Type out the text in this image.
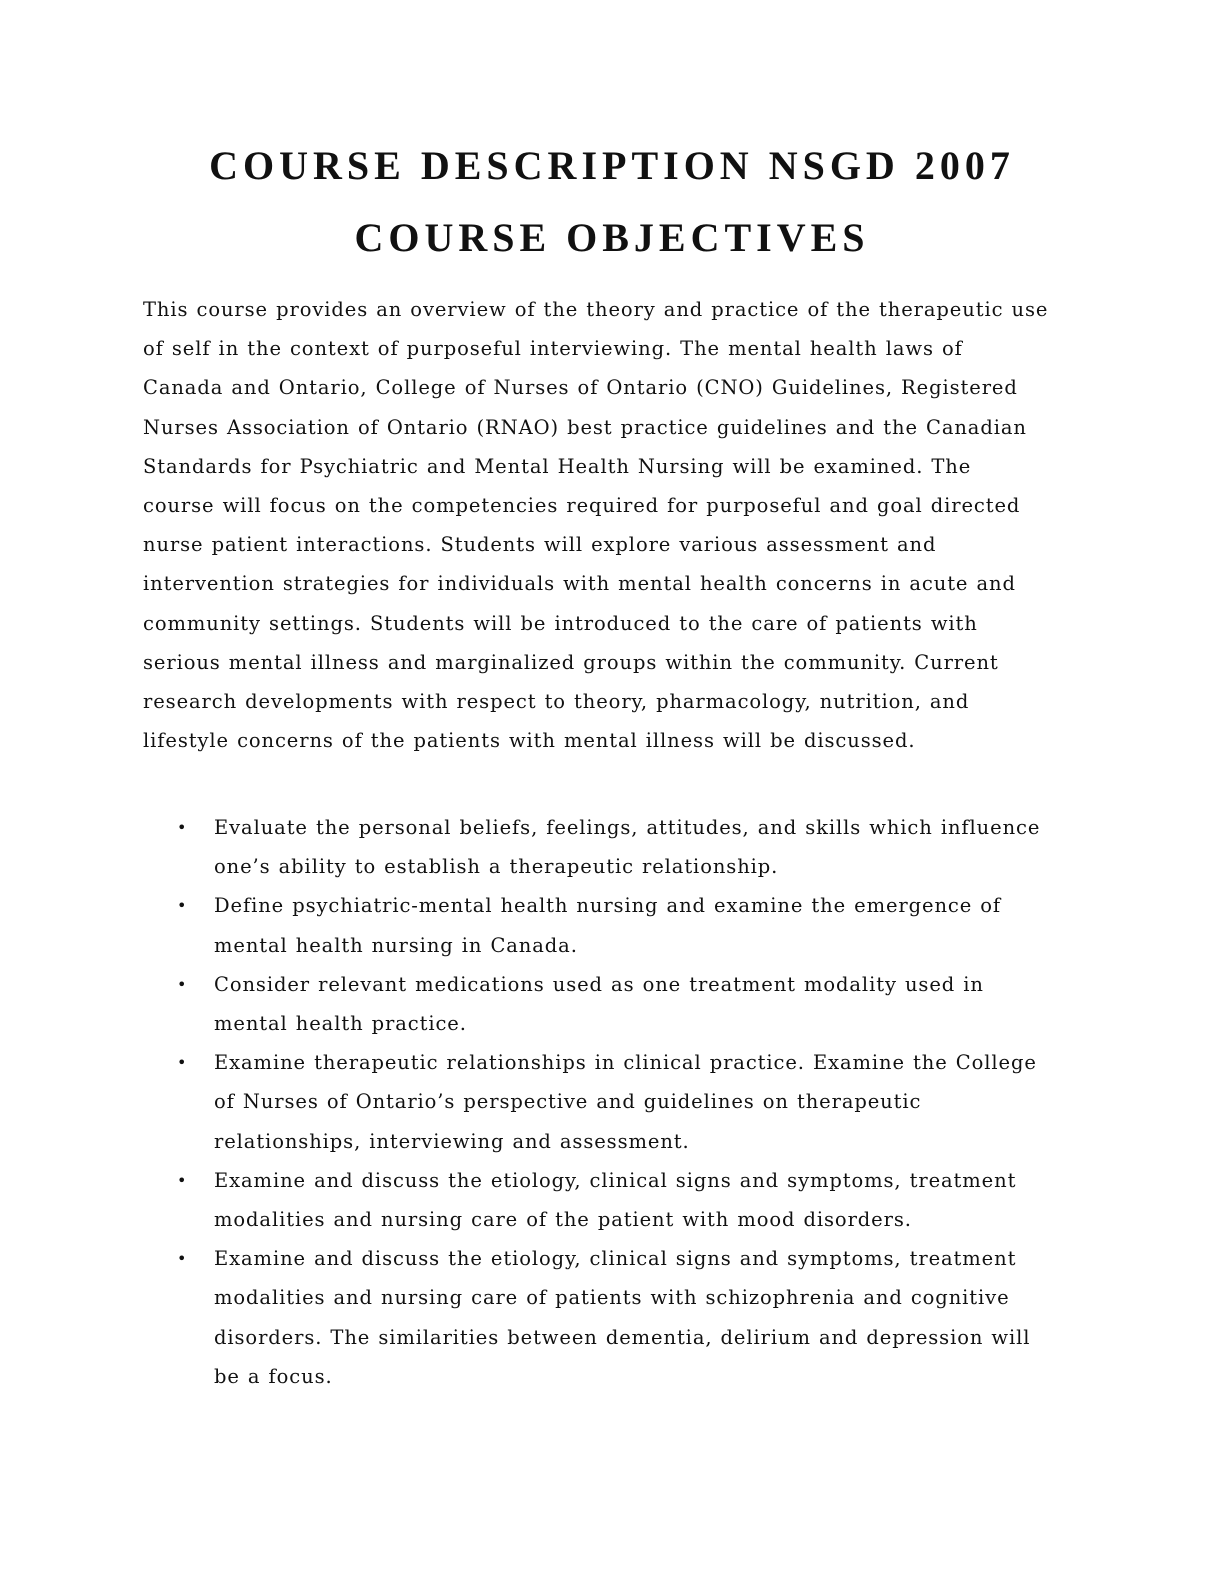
COURSE DESCRIPTION NSGD 2007
COURSE OBJECTIVES

This course provides an overview of the theory and practice of the therapeutic use
of self in the context of purposeful interviewing. The mental health laws of
Canada and Ontario, College of Nurses of Ontario (CNO) Guidelines, Registered
Nurses Association of Ontario (RNAO) best practice guidelines and the Canadian
Standards for Psychiatric and Mental Health Nursing will be examined. The
course will focus on the competencies required for purposeful and goal directed
nurse patient interactions. Students will explore various assessment and
intervention strategies for individuals with mental health concerns in acute and
community settings. Students will be introduced to the care of patients with
serious mental illness and marginalized groups within the community. Current
research developments with respect to theory, pharmacology, nutrition, and
lifestyle concerns of the patients with mental illness will be discussed.

• Evaluate the personal beliefs, feelings, attitudes, and skills which influence
one’s ability to establish a therapeutic relationship.
• Define psychiatric-mental health nursing and examine the emergence of
mental health nursing in Canada.
• Consider relevant medications used as one treatment modality used in
mental health practice.
• Examine therapeutic relationships in clinical practice. Examine the College
of Nurses of Ontario’s perspective and guidelines on therapeutic
relationships, interviewing and assessment.
• Examine and discuss the etiology, clinical signs and symptoms, treatment
modalities and nursing care of the patient with mood disorders.
• Examine and discuss the etiology, clinical signs and symptoms, treatment
modalities and nursing care of patients with schizophrenia and cognitive
disorders. The similarities between dementia, delirium and depression will
be a focus.
